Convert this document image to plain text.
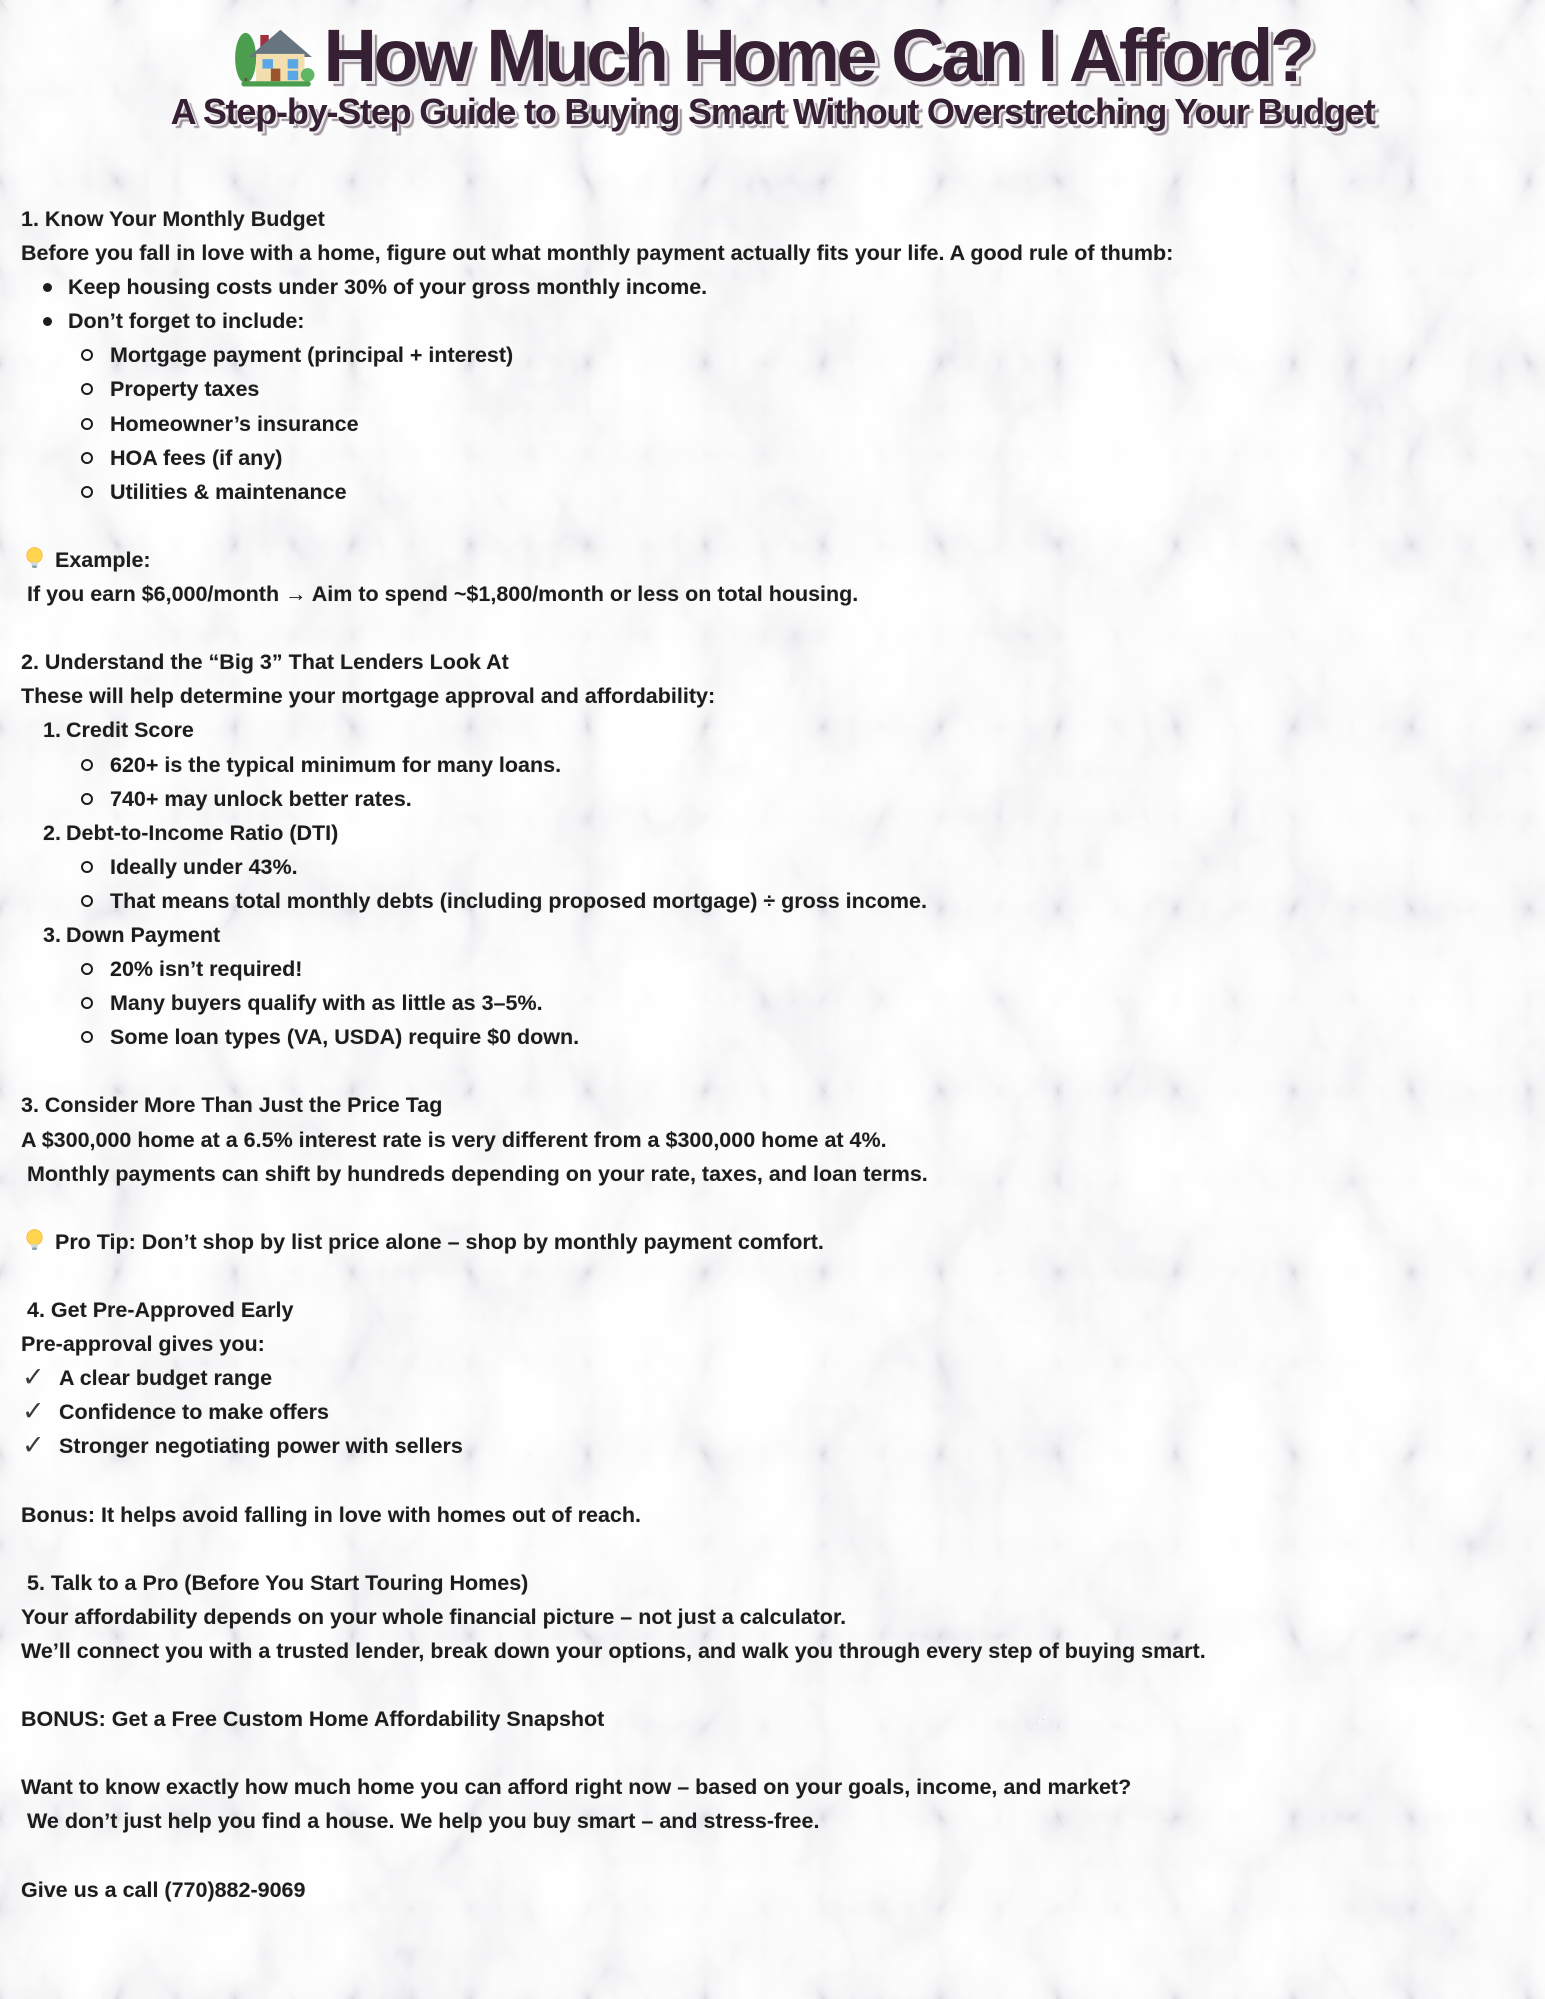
How Much Home Can I Afford?
A Step-by-Step Guide to Buying Smart Without Overstretching Your Budget
1. Know Your Monthly Budget
Before you fall in love with a home, figure out what monthly payment actually fits your life. A good rule of thumb:
Keep housing costs under 30% of your gross monthly income.
Don’t forget to include:
Mortgage payment (principal + interest)
Property taxes
Homeowner’s insurance
HOA fees (if any)
Utilities & maintenance
Example:
If you earn $6,000/month → Aim to spend ~$1,800/month or less on total housing.
2. Understand the “Big 3” That Lenders Look At
These will help determine your mortgage approval and affordability:
1. Credit Score
620+ is the typical minimum for many loans.
740+ may unlock better rates.
2. Debt-to-Income Ratio (DTI)
Ideally under 43%.
That means total monthly debts (including proposed mortgage) ÷ gross income.
3. Down Payment
20% isn’t required!
Many buyers qualify with as little as 3–5%.
Some loan types (VA, USDA) require $0 down.
3. Consider More Than Just the Price Tag
A $300,000 home at a 6.5% interest rate is very different from a $300,000 home at 4%.
Monthly payments can shift by hundreds depending on your rate, taxes, and loan terms.
Pro Tip: Don’t shop by list price alone – shop by monthly payment comfort.
4. Get Pre-Approved Early
Pre-approval gives you:
✓ A clear budget range
✓ Confidence to make offers
✓ Stronger negotiating power with sellers
Bonus: It helps avoid falling in love with homes out of reach.
5. Talk to a Pro (Before You Start Touring Homes)
Your affordability depends on your whole financial picture – not just a calculator.
We’ll connect you with a trusted lender, break down your options, and walk you through every step of buying smart.
BONUS: Get a Free Custom Home Affordability Snapshot
Want to know exactly how much home you can afford right now – based on your goals, income, and market?
We don’t just help you find a house. We help you buy smart – and stress-free.
Give us a call (770)882-9069
